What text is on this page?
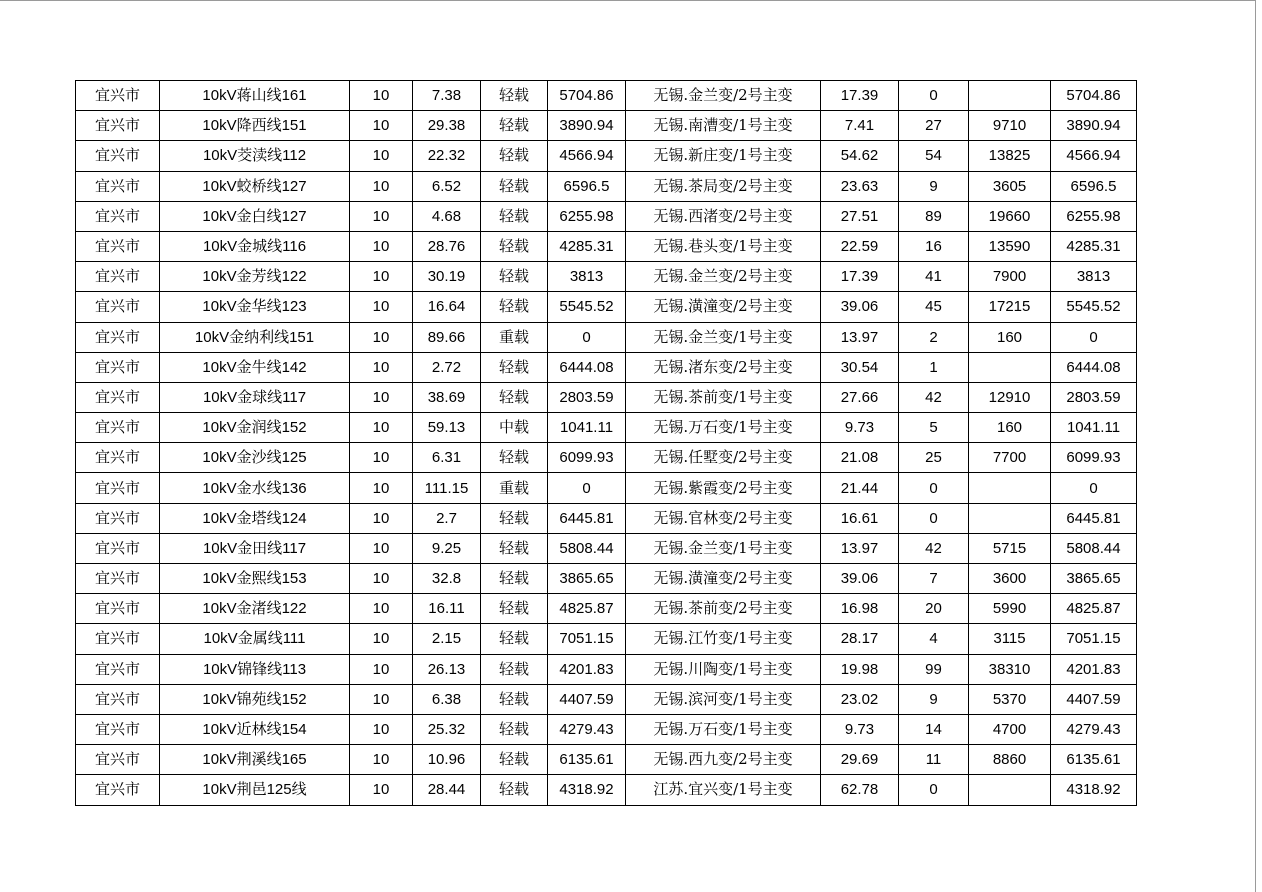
宜兴市	10kV蒋山线161	10	7.38	轻载	5704.86	无锡.金兰变/2号主变	17.39	0		5704.86
宜兴市	10kV降西线151	10	29.38	轻载	3890.94	无锡.南漕变/1号主变	7.41	27	9710	3890.94
宜兴市	10kV茭渎线112	10	22.32	轻载	4566.94	无锡.新庄变/1号主变	54.62	54	13825	4566.94
宜兴市	10kV蛟桥线127	10	6.52	轻载	6596.5	无锡.茶局变/2号主变	23.63	9	3605	6596.5
宜兴市	10kV金白线127	10	4.68	轻载	6255.98	无锡.西渚变/2号主变	27.51	89	19660	6255.98
宜兴市	10kV金城线116	10	28.76	轻载	4285.31	无锡.巷头变/1号主变	22.59	16	13590	4285.31
宜兴市	10kV金芳线122	10	30.19	轻载	3813	无锡.金兰变/2号主变	17.39	41	7900	3813
宜兴市	10kV金华线123	10	16.64	轻载	5545.52	无锡.潢潼变/2号主变	39.06	45	17215	5545.52
宜兴市	10kV金纳利线151	10	89.66	重载	0	无锡.金兰变/1号主变	13.97	2	160	0
宜兴市	10kV金牛线142	10	2.72	轻载	6444.08	无锡.渚东变/2号主变	30.54	1		6444.08
宜兴市	10kV金球线117	10	38.69	轻载	2803.59	无锡.茶前变/1号主变	27.66	42	12910	2803.59
宜兴市	10kV金润线152	10	59.13	中载	1041.11	无锡.万石变/1号主变	9.73	5	160	1041.11
宜兴市	10kV金沙线125	10	6.31	轻载	6099.93	无锡.任墅变/2号主变	21.08	25	7700	6099.93
宜兴市	10kV金水线136	10	111.15	重载	0	无锡.紫霞变/2号主变	21.44	0		0
宜兴市	10kV金塔线124	10	2.7	轻载	6445.81	无锡.官林变/2号主变	16.61	0		6445.81
宜兴市	10kV金田线117	10	9.25	轻载	5808.44	无锡.金兰变/1号主变	13.97	42	5715	5808.44
宜兴市	10kV金熙线153	10	32.8	轻载	3865.65	无锡.潢潼变/2号主变	39.06	7	3600	3865.65
宜兴市	10kV金渚线122	10	16.11	轻载	4825.87	无锡.茶前变/2号主变	16.98	20	5990	4825.87
宜兴市	10kV金属线111	10	2.15	轻载	7051.15	无锡.江竹变/1号主变	28.17	4	3115	7051.15
宜兴市	10kV锦锋线113	10	26.13	轻载	4201.83	无锡.川陶变/1号主变	19.98	99	38310	4201.83
宜兴市	10kV锦苑线152	10	6.38	轻载	4407.59	无锡.滨河变/1号主变	23.02	9	5370	4407.59
宜兴市	10kV近林线154	10	25.32	轻载	4279.43	无锡.万石变/1号主变	9.73	14	4700	4279.43
宜兴市	10kV荆溪线165	10	10.96	轻载	6135.61	无锡.西九变/2号主变	29.69	11	8860	6135.61
宜兴市	10kV荆邑125线	10	28.44	轻载	4318.92	江苏.宜兴变/1号主变	62.78	0		4318.92
